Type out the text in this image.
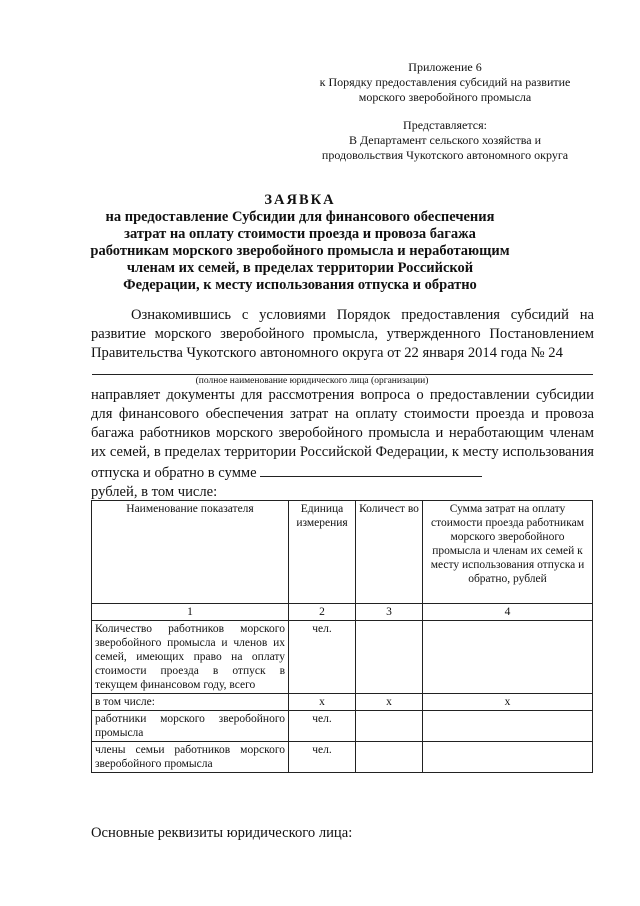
Приложение 6
к Порядку предоставления субсидий на развитие
морского зверобойного промысла
Представляется:
В Департамент сельского хозяйства и
продовольствия Чукотского автономного округа
ЗАЯВКА
на предоставление Субсидии для финансового обеспечения затрат на оплату стоимости проезда и провоза багажа работникам морского зверобойного промысла и неработающим членам их семей, в пределах территории Российской Федерации, к месту использования отпуска и обратно
Ознакомившись с условиями Порядок предоставления субсидий на развитие морского зверобойного промысла, утвержденного Постановлением Правительства Чукотского автономного округа от 22 января 2014 года № 24
(полное наименование юридического лица (организации)
направляет документы для рассмотрения вопроса о предоставлении субсидии для финансового обеспечения затрат на оплату стоимости проезда и провоза багажа работников морского зверобойного промысла и неработающим членам их семей, в пределах территории Российской Федерации, к месту использования отпуска и обратно в сумме
рублей, в том числе:
Наименование показателя	Единица измерения	Количест во	Сумма затрат на оплату стоимости проезда работникам морского зверобойного промысла и членам их семей к месту использования отпуска и обратно, рублей
1	2	3	4
Количество работников морского зверобойного промысла и членов их семей, имеющих право на оплату стоимости проезда в отпуск в текущем финансовом году, всего	чел.		
в том числе:	х	х	х
работники морского зверобойного промысла	чел.		
члены семьи работников морского зверобойного промысла	чел.		
Основные реквизиты юридического лица:
